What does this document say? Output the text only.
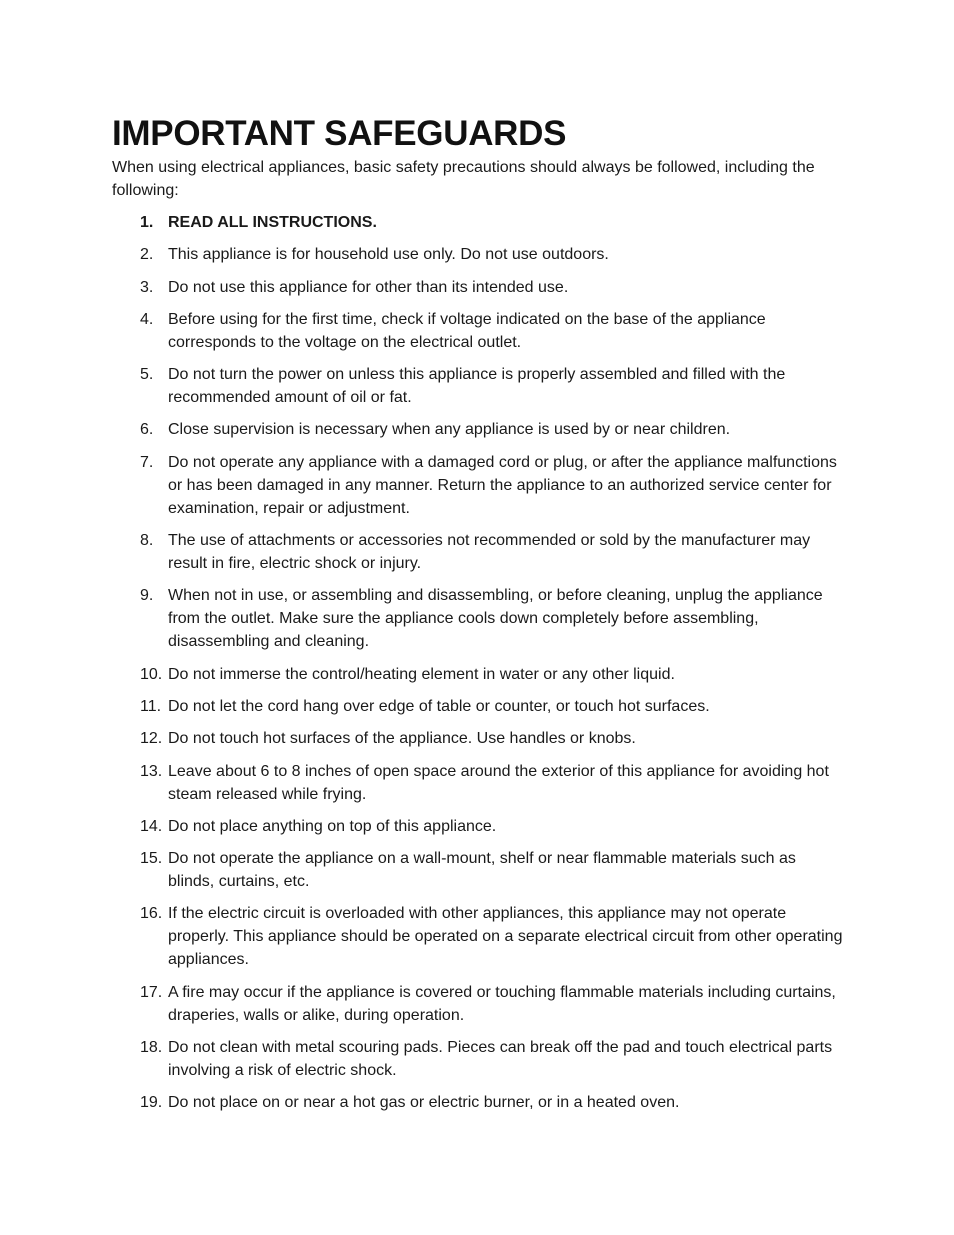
IMPORTANT SAFEGUARDS

When using electrical appliances, basic safety precautions should always be followed, including the following:

1. READ ALL INSTRUCTIONS.
2. This appliance is for household use only. Do not use outdoors.
3. Do not use this appliance for other than its intended use.
4. Before using for the first time, check if voltage indicated on the base of the appliance corresponds to the voltage on the electrical outlet.
5. Do not turn the power on unless this appliance is properly assembled and filled with the recommended amount of oil or fat.
6. Close supervision is necessary when any appliance is used by or near children.
7. Do not operate any appliance with a damaged cord or plug, or after the appliance malfunctions or has been damaged in any manner. Return the appliance to an authorized service center for examination, repair or adjustment.
8. The use of attachments or accessories not recommended or sold by the manufacturer may result in fire, electric shock or injury.
9. When not in use, or assembling and disassembling, or before cleaning, unplug the appliance from the outlet. Make sure the appliance cools down completely before assembling, disassembling and cleaning.
10. Do not immerse the control/heating element in water or any other liquid.
11. Do not let the cord hang over edge of table or counter, or touch hot surfaces.
12. Do not touch hot surfaces of the appliance. Use handles or knobs.
13. Leave about 6 to 8 inches of open space around the exterior of this appliance for avoiding hot steam released while frying.
14. Do not place anything on top of this appliance.
15. Do not operate the appliance on a wall-mount, shelf or near flammable materials such as blinds, curtains, etc.
16. If the electric circuit is overloaded with other appliances, this appliance may not operate properly. This appliance should be operated on a separate electrical circuit from other operating appliances.
17. A fire may occur if the appliance is covered or touching flammable materials including curtains, draperies, walls or alike, during operation.
18. Do not clean with metal scouring pads. Pieces can break off the pad and touch electrical parts involving a risk of electric shock.
19. Do not place on or near a hot gas or electric burner, or in a heated oven.
